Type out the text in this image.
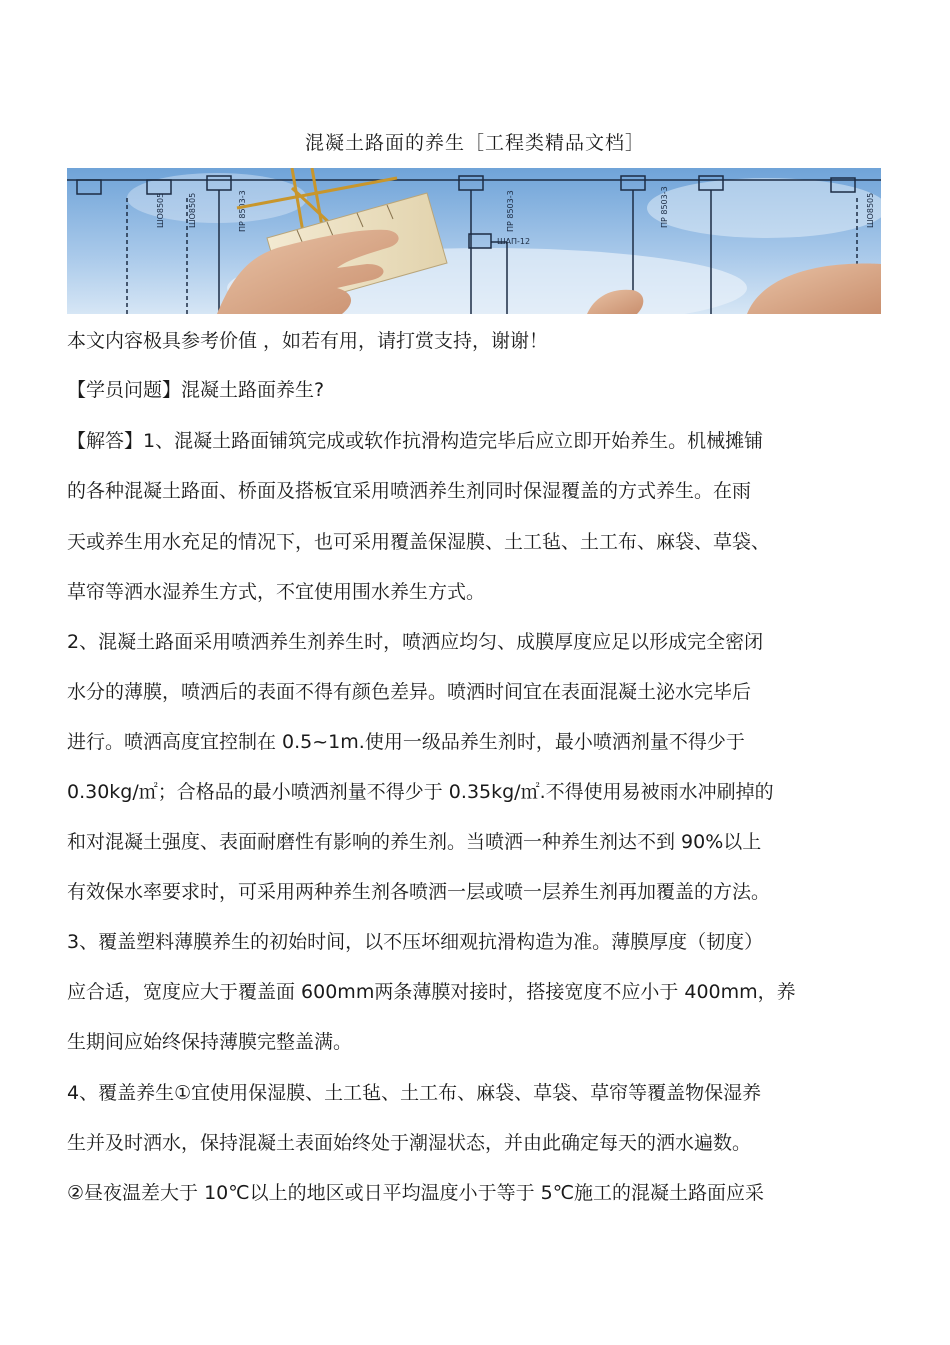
混凝土路面的养生［工程类精品文档］
ШО8505	ШО8505	ПР 8503-3	ПР 8503-3	ПР 8503-3
ШАП-12
ШО8505
本文内容极具参考价值 ，如若有用，请打赏支持，谢谢！
【学员问题】混凝土路面养生?
【解答】1、混凝土路面铺筑完成或软作抗滑构造完毕后应立即开始养生。机械摊铺
的各种混凝土路面、桥面及搭板宜采用喷洒养生剂同时保湿覆盖的方式养生。在雨
天或养生用水充足的情况下，也可采用覆盖保湿膜、土工毡、土工布、麻袋、草袋、
草帘等洒水湿养生方式，不宜使用围水养生方式。
2、混凝土路面采用喷洒养生剂养生时，喷洒应均匀、成膜厚度应足以形成完全密闭
水分的薄膜，喷洒后的表面不得有颜色差异。喷洒时间宜在表面混凝土泌水完毕后
进行。喷洒高度宜控制在 0.5~1m.使用一级品养生剂时，最小喷洒剂量不得少于
0.30kg/㎡；合格品的最小喷洒剂量不得少于 0.35kg/㎡.不得使用易被雨水冲刷掉的
和对混凝土强度、表面耐磨性有影响的养生剂。当喷洒一种养生剂达不到 90%以上
有效保水率要求时，可采用两种养生剂各喷洒一层或喷一层养生剂再加覆盖的方法。
3、覆盖塑料薄膜养生的初始时间，以不压坏细观抗滑构造为准。薄膜厚度（韧度）
应合适，宽度应大于覆盖面 600mm两条薄膜对接时，搭接宽度不应小于 400mm，养
生期间应始终保持薄膜完整盖满。
4、覆盖养生①宜使用保湿膜、土工毡、土工布、麻袋、草袋、草帘等覆盖物保湿养
生并及时洒水，保持混凝土表面始终处于潮湿状态，并由此确定每天的洒水遍数。
②昼夜温差大于 10℃以上的地区或日平均温度小于等于 5℃施工的混凝土路面应采
